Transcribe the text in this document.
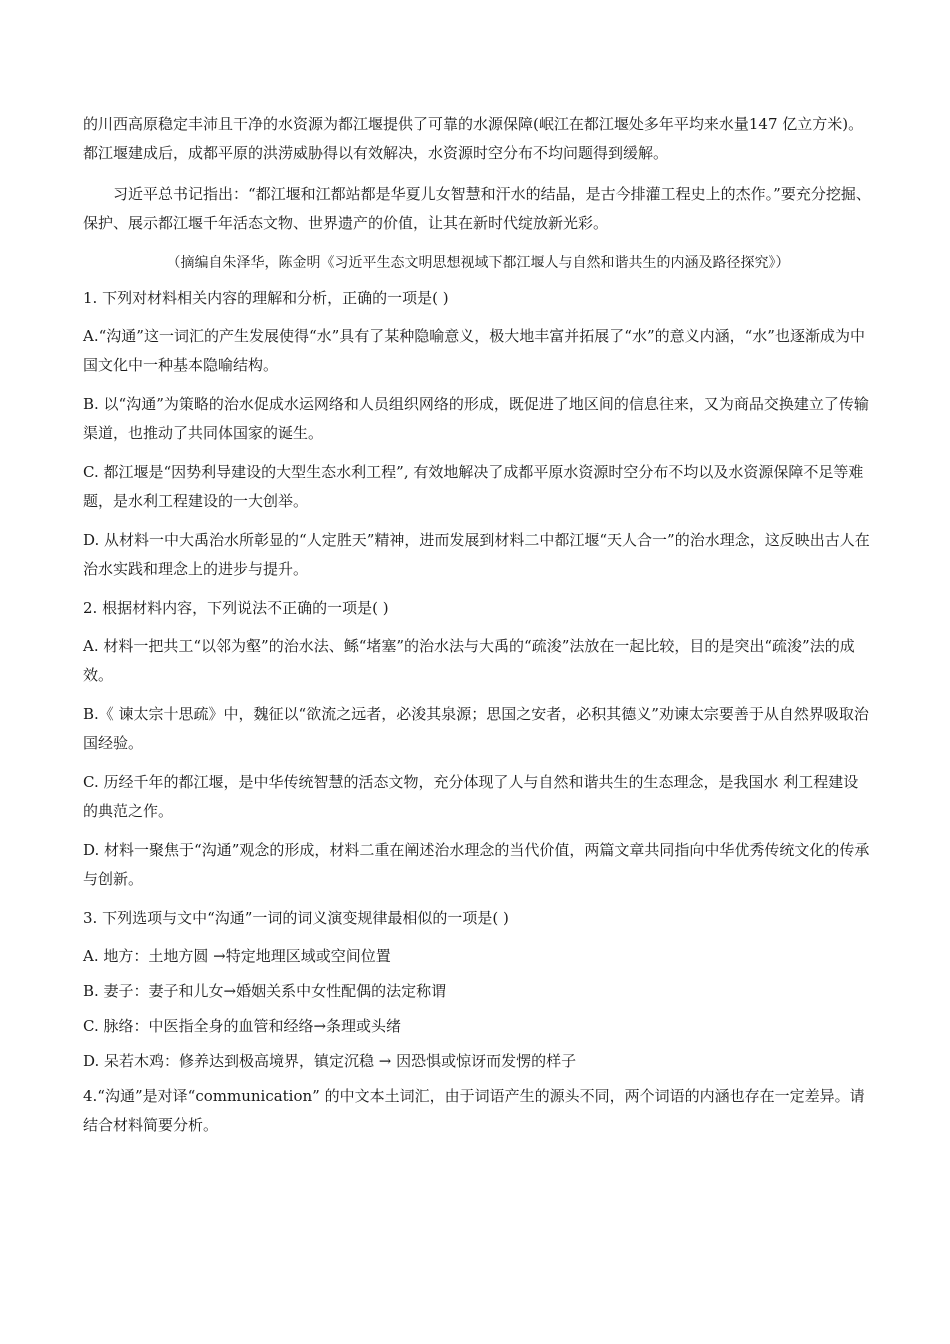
的川西高原稳定丰沛且干净的水资源为都江堰提供了可靠的水源保障(岷江在都江堰处多年平均来水量147 亿立方米)。都江堰建成后，成都平原的洪涝威胁得以有效解决，水资源时空分布不均问题得到缓解。

习近平总书记指出：“都江堰和江都站都是华夏儿女智慧和汗水的结晶，是古今排灌工程史上的杰作。”要充分挖掘、保护、展示都江堰千年活态文物、世界遗产的价值，让其在新时代绽放新光彩。

（摘编自朱泽华，陈金明《习近平生态文明思想视域下都江堰人与自然和谐共生的内涵及路径探究》）

1. 下列对材料相关内容的理解和分析，正确的一项是( )

A.“沟通”这一词汇的产生发展使得“水”具有了某种隐喻意义，极大地丰富并拓展了“水”的意义内涵，“水”也逐渐成为中国文化中一种基本隐喻结构。

B. 以“沟通”为策略的治水促成水运网络和人员组织网络的形成，既促进了地区间的信息往来，又为商品交换建立了传输渠道，也推动了共同体国家的诞生。

C. 都江堰是“因势利导建设的大型生态水利工程”, 有效地解决了成都平原水资源时空分布不均以及水资源保障不足等难题，是水利工程建设的一大创举。

D. 从材料一中大禹治水所彰显的“人定胜天”精神，进而发展到材料二中都江堰“天人合一”的治水理念，这反映出古人在治水实践和理念上的进步与提升。

2. 根据材料内容，下列说法不正确的一项是( )

A. 材料一把共工“以邻为壑”的治水法、鲧“堵塞”的治水法与大禹的“疏浚”法放在一起比较，目的是突出“疏浚”法的成效。

B.《 谏太宗十思疏》中，魏征以“欲流之远者，必浚其泉源；思国之安者，必积其德义”劝谏太宗要善于从自然界吸取治国经验。

C. 历经千年的都江堰，是中华传统智慧的活态文物，充分体现了人与自然和谐共生的生态理念，是我国水 利工程建设的典范之作。

D. 材料一聚焦于“沟通”观念的形成，材料二重在阐述治水理念的当代价值，两篇文章共同指向中华优秀传统文化的传承与创新。

3. 下列选项与文中“沟通”一词的词义演变规律最相似的一项是( )

A. 地方：土地方圆 →特定地理区域或空间位置

B. 妻子：妻子和儿女→婚姻关系中女性配偶的法定称谓

C. 脉络：中医指全身的血管和经络→条理或头绪

D. 呆若木鸡：修养达到极高境界，镇定沉稳 → 因恐惧或惊讶而发愣的样子

4.“沟通”是对译“communication” 的中文本土词汇，由于词语产生的源头不同，两个词语的内涵也存在一定差异。请结合材料简要分析。
